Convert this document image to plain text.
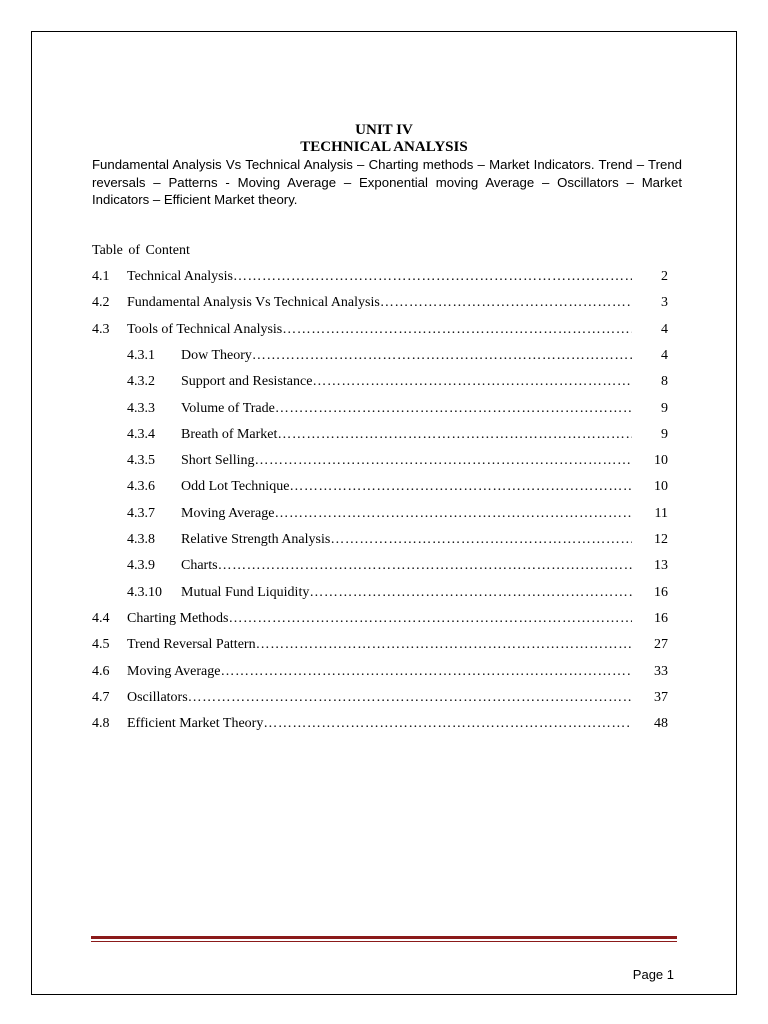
UNIT IV
TECHNICAL ANALYSIS
Fundamental Analysis Vs Technical Analysis – Charting methods – Market Indicators. Trend – Trend reversals – Patterns - Moving Average – Exponential moving Average – Oscillators – Market Indicators – Efficient Market theory.
Table of Content
4.1 Technical Analysis …………………………………………………………………………………………………………………………………………………………………………	2
4.2 Fundamental Analysis Vs Technical Analysis …………………………………………………………………………………………………………………………………………………………………………	3
4.3 Tools of Technical Analysis …………………………………………………………………………………………………………………………………………………………………………	4
4.3.1 Dow Theory …………………………………………………………………………………………………………………………………………………………………………	4
4.3.2 Support and Resistance …………………………………………………………………………………………………………………………………………………………………………	8
4.3.3 Volume of Trade …………………………………………………………………………………………………………………………………………………………………………	9
4.3.4 Breath of Market …………………………………………………………………………………………………………………………………………………………………………	9
4.3.5 Short Selling …………………………………………………………………………………………………………………………………………………………………………	10
4.3.6 Odd Lot Technique …………………………………………………………………………………………………………………………………………………………………………	10
4.3.7 Moving Average …………………………………………………………………………………………………………………………………………………………………………	11
4.3.8 Relative Strength Analysis …………………………………………………………………………………………………………………………………………………………………………	12
4.3.9 Charts …………………………………………………………………………………………………………………………………………………………………………	13
4.3.10 Mutual Fund Liquidity …………………………………………………………………………………………………………………………………………………………………………	16
4.4 Charting Methods …………………………………………………………………………………………………………………………………………………………………………	16
4.5 Trend Reversal Pattern …………………………………………………………………………………………………………………………………………………………………………	27
4.6 Moving Average …………………………………………………………………………………………………………………………………………………………………………	33
4.7 Oscillators …………………………………………………………………………………………………………………………………………………………………………	37
4.8 Efficient Market Theory …………………………………………………………………………………………………………………………………………………………………………	48
Page 1
